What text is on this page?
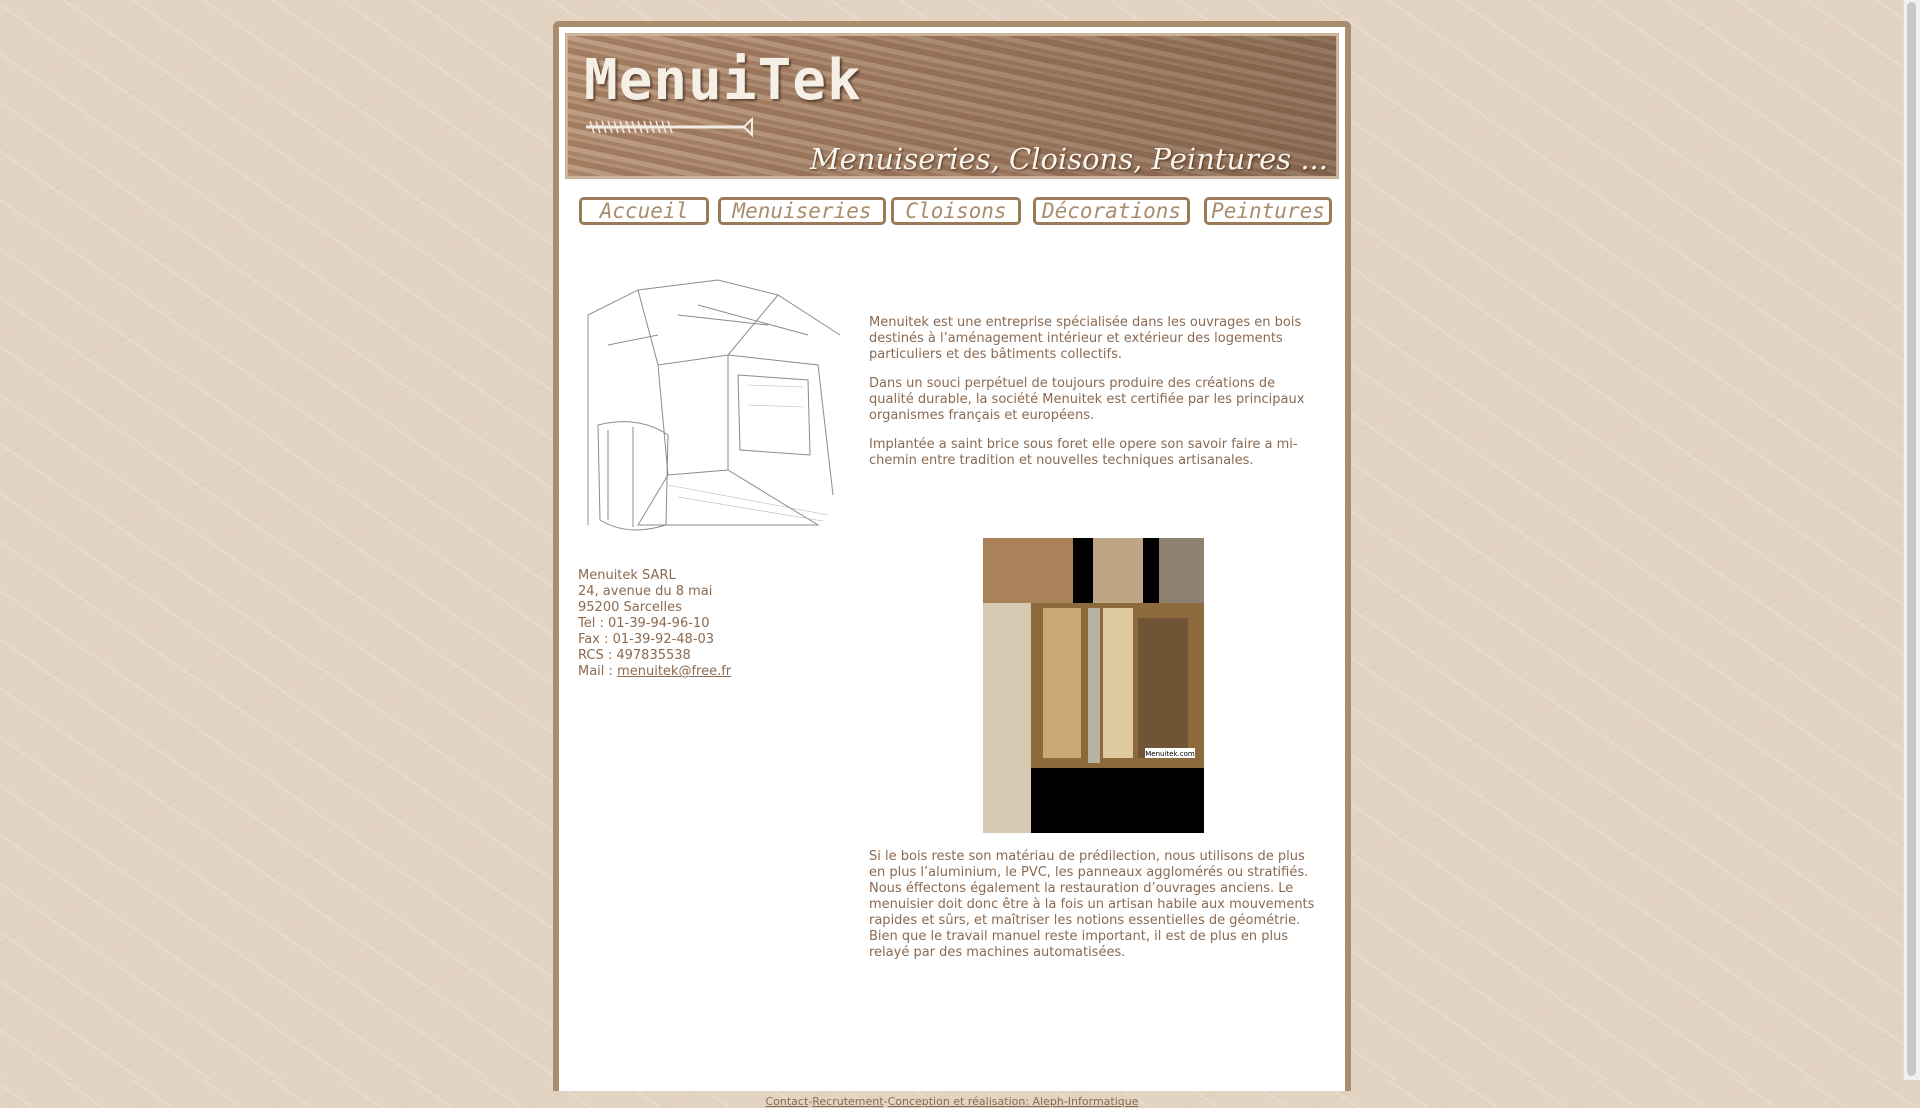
MenuiTek
Menuiseries, Cloisons, Peintures ...
Accueil	Menuiseries	Cloisons	Décorations	Peintures
Menuitek SARL
24, avenue du 8 mai
95200 Sarcelles
Tel : 01-39-94-96-10
Fax : 01-39-92-48-03
RCS : 497835538
Mail : menuitek@free.fr

Menuitek est une entreprise spécialisée dans les ouvrages en bois destinés à l’aménagement intérieur et extérieur des logements particuliers et des bâtiments collectifs.

Dans un souci perpétuel de toujours produire des créations de qualité durable, la société Menuitek est certifiée par les principaux organismes français et européens.

Implantée a saint brice sous foret elle opere son savoir faire a mi-chemin entre tradition et nouvelles techniques artisanales.

Menuitek.com

Si le bois reste son matériau de prédilection, nous utilisons de plus en plus l’aluminium, le PVC, les panneaux agglomérés ou stratifiés. Nous éffectons également la restauration d’ouvrages anciens. Le menuisier doit donc être à la fois un artisan habile aux mouvements rapides et sûrs, et maîtriser les notions essentielles de géométrie. Bien que le travail manuel reste important, il est de plus en plus relayé par des machines automatisées.

Contact-Recrutement-Conception et réalisation: Aleph-Informatique
